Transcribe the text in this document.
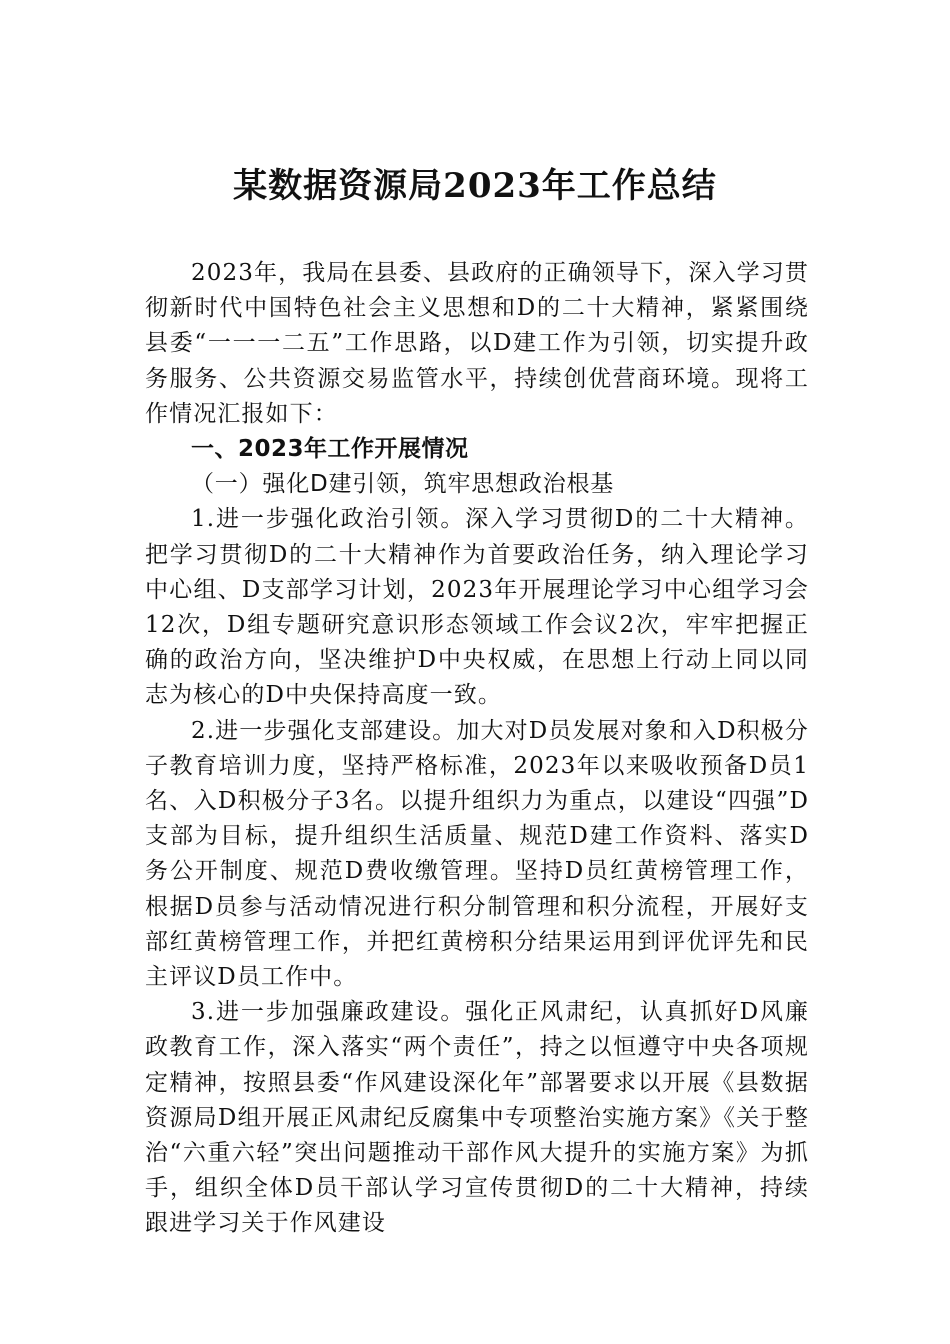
某数据资源局2023年工作总结

2023年，我局在县委、县政府的正确领导下，深入学习贯彻新时代中国特色社会主义思想和D的二十大精神，紧紧围绕县委“一一一二五”工作思路，以D建工作为引领，切实提升政务服务、公共资源交易监管水平，持续创优营商环境。现将工作情况汇报如下：

一、2023年工作开展情况

（一）强化D建引领，筑牢思想政治根基

1.进一步强化政治引领。深入学习贯彻D的二十大精神。把学习贯彻D的二十大精神作为首要政治任务，纳入理论学习中心组、D支部学习计划，2023年开展理论学习中心组学习会12次，D组专题研究意识形态领域工作会议2次，牢牢把握正确的政治方向，坚决维护D中央权威，在思想上行动上同以同志为核心的D中央保持高度一致。

2.进一步强化支部建设。加大对D员发展对象和入D积极分子教育培训力度，坚持严格标准，2023年以来吸收预备D员1名、入D积极分子3名。以提升组织力为重点，以建设“四强”D支部为目标，提升组织生活质量、规范D建工作资料、落实D务公开制度、规范D费收缴管理。坚持D员红黄榜管理工作，根据D员参与活动情况进行积分制管理和积分流程，开展好支部红黄榜管理工作，并把红黄榜积分结果运用到评优评先和民主评议D员工作中。

3.进一步加强廉政建设。强化正风肃纪，认真抓好D风廉政教育工作，深入落实“两个责任”，持之以恒遵守中央各项规定精神，按照县委“作风建设深化年”部署要求以开展《县数据资源局D组开展正风肃纪反腐集中专项整治实施方案》《关于整治“六重六轻”突出问题推动干部作风大提升的实施方案》为抓手，组织全体D员干部认学习宣传贯彻D的二十大精神，持续跟进学习关于作风建设
